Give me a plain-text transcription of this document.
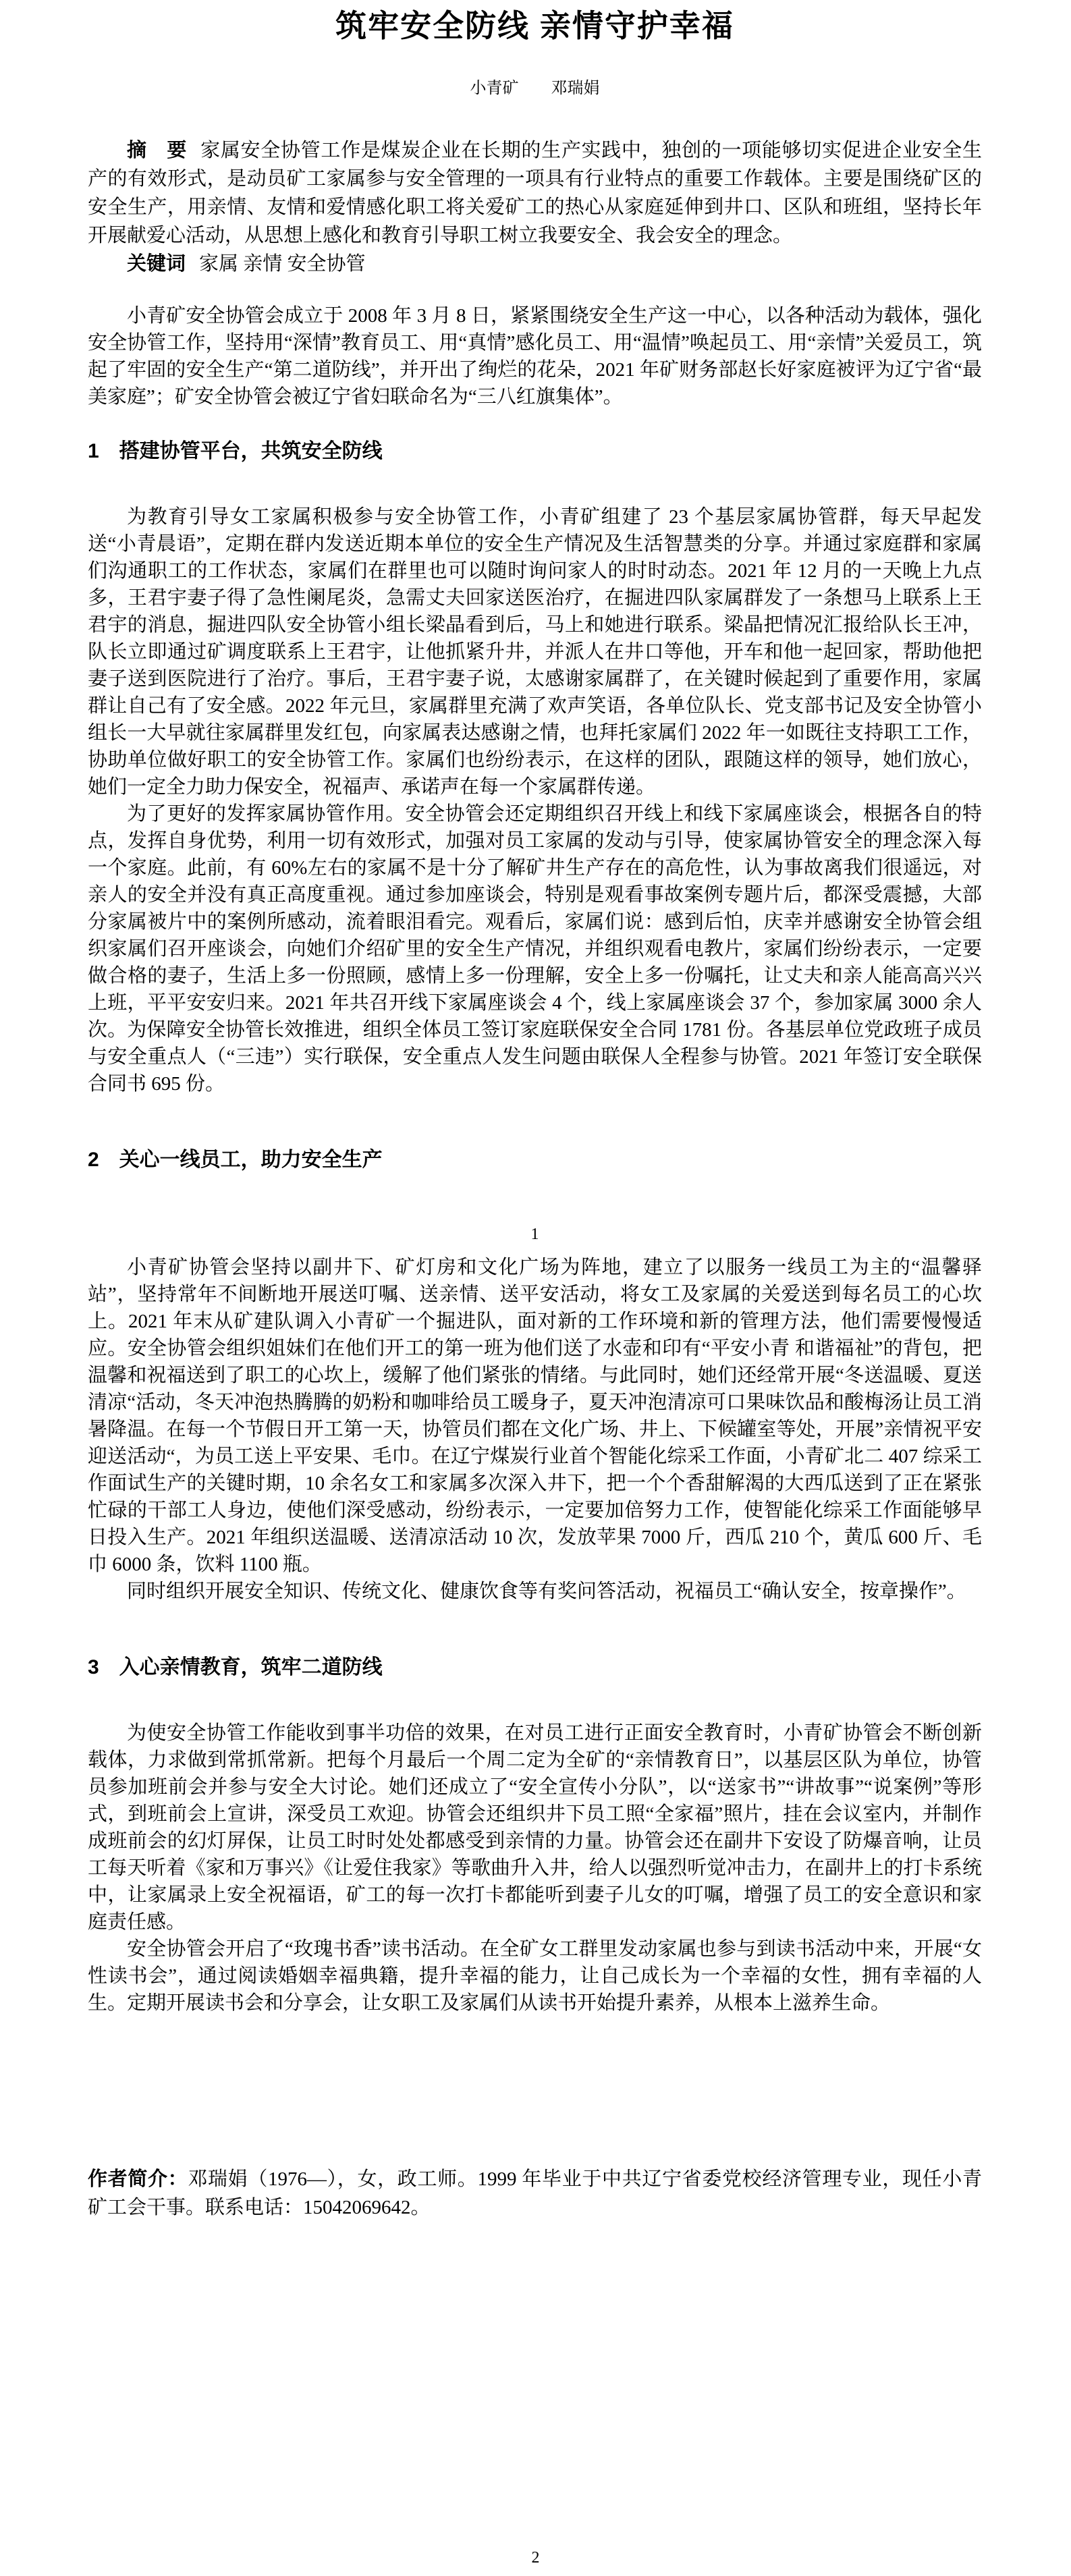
筑牢安全防线 亲情守护幸福
小青矿 邓瑞娟

摘　要 家属安全协管工作是煤炭企业在长期的生产实践中，独创的一项能够切实促进企业安全生产的有效形式，是动员矿工家属参与安全管理的一项具有行业特点的重要工作载体。主要是围绕矿区的安全生产，用亲情、友情和爱情感化职工将关爱矿工的热心从家庭延伸到井口、区队和班组，坚持长年开展献爱心活动，从思想上感化和教育引导职工树立我要安全、我会安全的理念。

关键词 家属 亲情 安全协管

小青矿安全协管会成立于 2008 年 3 月 8 日，紧紧围绕安全生产这一中心，以各种活动为载体，强化安全协管工作，坚持用“深情”教育员工、用“真情”感化员工、用“温情”唤起员工、用“亲情”关爱员工，筑起了牢固的安全生产“第二道防线”，并开出了绚烂的花朵，2021 年矿财务部赵长好家庭被评为辽宁省“最美家庭”；矿安全协管会被辽宁省妇联命名为“三八红旗集体”。

1　搭建协管平台，共筑安全防线

为教育引导女工家属积极参与安全协管工作，小青矿组建了 23 个基层家属协管群，每天早起发送“小青晨语”，定期在群内发送近期本单位的安全生产情况及生活智慧类的分享。并通过家庭群和家属们沟通职工的工作状态，家属们在群里也可以随时询问家人的时时动态。2021 年 12 月的一天晚上九点多，王君宇妻子得了急性阑尾炎，急需丈夫回家送医治疗，在掘进四队家属群发了一条想马上联系上王君宇的消息，掘进四队安全协管小组长梁晶看到后，马上和她进行联系。梁晶把情况汇报给队长王冲，队长立即通过矿调度联系上王君宇，让他抓紧升井，并派人在井口等他，开车和他一起回家，帮助他把妻子送到医院进行了治疗。事后，王君宇妻子说，太感谢家属群了，在关键时候起到了重要作用，家属群让自己有了安全感。2022 年元旦，家属群里充满了欢声笑语，各单位队长、党支部书记及安全协管小组长一大早就往家属群里发红包，向家属表达感谢之情，也拜托家属们 2022 年一如既往支持职工工作，协助单位做好职工的安全协管工作。家属们也纷纷表示，在这样的团队，跟随这样的领导，她们放心，她们一定全力助力保安全，祝福声、承诺声在每一个家属群传递。

为了更好的发挥家属协管作用。安全协管会还定期组织召开线上和线下家属座谈会，根据各自的特点，发挥自身优势，利用一切有效形式，加强对员工家属的发动与引导，使家属协管安全的理念深入每一个家庭。此前，有 60%左右的家属不是十分了解矿井生产存在的高危性，认为事故离我们很遥远，对亲人的安全并没有真正高度重视。通过参加座谈会，特别是观看事故案例专题片后，都深受震撼，大部分家属被片中的案例所感动，流着眼泪看完。观看后，家属们说：感到后怕，庆幸并感谢安全协管会组织家属们召开座谈会，向她们介绍矿里的安全生产情况，并组织观看电教片，家属们纷纷表示，一定要做合格的妻子，生活上多一份照顾，感情上多一份理解，安全上多一份嘱托，让丈夫和亲人能高高兴兴上班，平平安安归来。2021 年共召开线下家属座谈会 4 个，线上家属座谈会 37 个，参加家属 3000 余人次。为保障安全协管长效推进，组织全体员工签订家庭联保安全合同 1781 份。各基层单位党政班子成员与安全重点人（“三违”）实行联保，安全重点人发生问题由联保人全程参与协管。2021 年签订安全联保合同书 695 份。

2　关心一线员工，助力安全生产
1

小青矿协管会坚持以副井下、矿灯房和文化广场为阵地，建立了以服务一线员工为主的“温馨驿站”，坚持常年不间断地开展送叮嘱、送亲情、送平安活动，将女工及家属的关爱送到每名员工的心坎上。2021 年末从矿建队调入小青矿一个掘进队，面对新的工作环境和新的管理方法，他们需要慢慢适应。安全协管会组织姐妹们在他们开工的第一班为他们送了水壶和印有“平安小青 和谐福祉”的背包，把温馨和祝福送到了职工的心坎上，缓解了他们紧张的情绪。与此同时，她们还经常开展“冬送温暖、夏送清凉“活动，冬天冲泡热腾腾的奶粉和咖啡给员工暖身子，夏天冲泡清凉可口果味饮品和酸梅汤让员工消暑降温。在每一个节假日开工第一天，协管员们都在文化广场、井上、下候罐室等处，开展”亲情祝平安迎送活动“，为员工送上平安果、毛巾。在辽宁煤炭行业首个智能化综采工作面，小青矿北二 407 综采工作面试生产的关键时期，10 余名女工和家属多次深入井下，把一个个香甜解渴的大西瓜送到了正在紧张忙碌的干部工人身边，使他们深受感动，纷纷表示，一定要加倍努力工作，使智能化综采工作面能够早日投入生产。2021 年组织送温暖、送清凉活动 10 次，发放苹果 7000 斤，西瓜 210 个，黄瓜 600 斤、毛巾 6000 条，饮料 1100 瓶。

同时组织开展安全知识、传统文化、健康饮食等有奖问答活动，祝福员工“确认安全，按章操作”。

3　入心亲情教育，筑牢二道防线

为使安全协管工作能收到事半功倍的效果，在对员工进行正面安全教育时，小青矿协管会不断创新载体，力求做到常抓常新。把每个月最后一个周二定为全矿的“亲情教育日”，以基层区队为单位，协管员参加班前会并参与安全大讨论。她们还成立了“安全宣传小分队”，以“送家书”“讲故事”“说案例”等形式，到班前会上宣讲，深受员工欢迎。协管会还组织井下员工照“全家福”照片，挂在会议室内，并制作成班前会的幻灯屏保，让员工时时处处都感受到亲情的力量。协管会还在副井下安设了防爆音响，让员工每天听着《家和万事兴》《让爱住我家》等歌曲升入井，给人以强烈听觉冲击力，在副井上的打卡系统中，让家属录上安全祝福语，矿工的每一次打卡都能听到妻子儿女的叮嘱，增强了员工的安全意识和家庭责任感。

安全协管会开启了“玫瑰书香”读书活动。在全矿女工群里发动家属也参与到读书活动中来，开展“女性读书会”，通过阅读婚姻幸福典籍，提升幸福的能力，让自己成长为一个幸福的女性，拥有幸福的人生。定期开展读书会和分享会，让女职工及家属们从读书开始提升素养，从根本上滋养生命。

作者简介：邓瑞娟（1976—），女，政工师。1999 年毕业于中共辽宁省委党校经济管理专业，现任小青矿工会干事。联系电话：15042069642。

2
